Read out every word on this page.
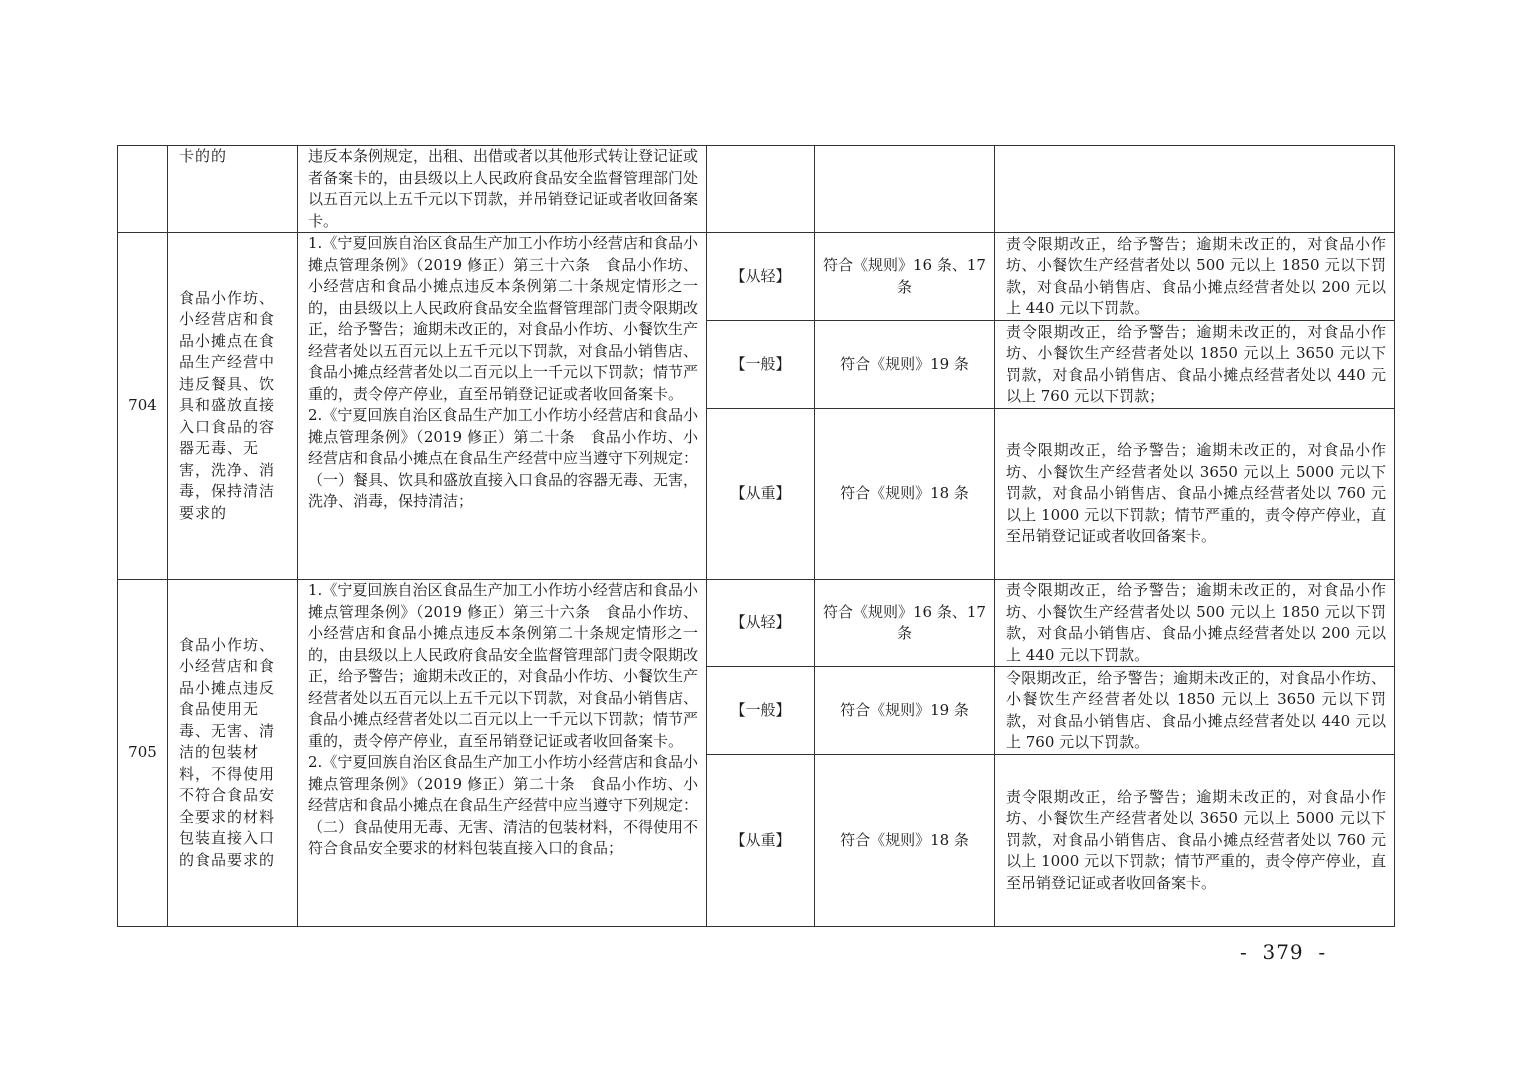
	卡的的	违反本条例规定，出租、出借或者以其他形式转让登记证或者备案卡的，由县级以上人民政府食品安全监督管理部门处以五百元以上五千元以下罚款，并吊销登记证或者收回备案卡。			
704	食品小作坊、小经营店和食品小摊点在食品生产经营中违反餐具、饮具和盛放直接入口食品的容器无毒、无害，洗净、消毒，保持清洁要求的	1.《宁夏回族自治区食品生产加工小作坊小经营店和食品小摊点管理条例》（2019 修正）第三十六条　食品小作坊、小经营店和食品小摊点违反本条例第二十条规定情形之一的，由县级以上人民政府食品安全监督管理部门责令限期改正，给予警告；逾期未改正的，对食品小作坊、小餐饮生产经营者处以五百元以上五千元以下罚款，对食品小销售店、食品小摊点经营者处以二百元以上一千元以下罚款；情节严重的，责令停产停业，直至吊销登记证或者收回备案卡。
2.《宁夏回族自治区食品生产加工小作坊小经营店和食品小摊点管理条例》（2019 修正）第二十条　食品小作坊、小经营店和食品小摊点在食品生产经营中应当遵守下列规定：（一）餐具、饮具和盛放直接入口食品的容器无毒、无害，洗净、消毒，保持清洁；	【从轻】	符合《规则》16 条、17 条	责令限期改正，给予警告；逾期未改正的，对食品小作坊、小餐饮生产经营者处以 500 元以上 1850 元以下罚款，对食品小销售店、食品小摊点经营者处以 200 元以上 440 元以下罚款。
			【一般】	符合《规则》19 条	责令限期改正，给予警告；逾期未改正的，对食品小作坊、小餐饮生产经营者处以 1850 元以上 3650 元以下罚款，对食品小销售店、食品小摊点经营者处以 440 元以上 760 元以下罚款；
			【从重】	符合《规则》18 条	责令限期改正，给予警告；逾期未改正的，对食品小作坊、小餐饮生产经营者处以 3650 元以上 5000 元以下罚款，对食品小销售店、食品小摊点经营者处以 760 元以上 1000 元以下罚款；情节严重的，责令停产停业，直至吊销登记证或者收回备案卡。
705	食品小作坊、小经营店和食品小摊点违反食品使用无毒、无害、清洁的包装材料，不得使用不符合食品安全要求的材料包装直接入口的食品要求的	1.《宁夏回族自治区食品生产加工小作坊小经营店和食品小摊点管理条例》（2019 修正）第三十六条　食品小作坊、小经营店和食品小摊点违反本条例第二十条规定情形之一的，由县级以上人民政府食品安全监督管理部门责令限期改正，给予警告；逾期未改正的，对食品小作坊、小餐饮生产经营者处以五百元以上五千元以下罚款，对食品小销售店、食品小摊点经营者处以二百元以上一千元以下罚款；情节严重的，责令停产停业，直至吊销登记证或者收回备案卡。
2.《宁夏回族自治区食品生产加工小作坊小经营店和食品小摊点管理条例》（2019 修正）第二十条　食品小作坊、小经营店和食品小摊点在食品生产经营中应当遵守下列规定：（二）食品使用无毒、无害、清洁的包装材料，不得使用不符合食品安全要求的材料包装直接入口的食品；	【从轻】	符合《规则》16 条、17 条	责令限期改正，给予警告；逾期未改正的，对食品小作坊、小餐饮生产经营者处以 500 元以上 1850 元以下罚款，对食品小销售店、食品小摊点经营者处以 200 元以上 440 元以下罚款。
			【一般】	符合《规则》19 条	令限期改正，给予警告；逾期未改正的，对食品小作坊、小餐饮生产经营者处以 1850 元以上 3650 元以下罚款，对食品小销售店、食品小摊点经营者处以 440 元以上 760 元以下罚款。
			【从重】	符合《规则》18 条	责令限期改正，给予警告；逾期未改正的，对食品小作坊、小餐饮生产经营者处以 3650 元以上 5000 元以下罚款，对食品小销售店、食品小摊点经营者处以 760 元以上 1000 元以下罚款；情节严重的，责令停产停业，直至吊销登记证或者收回备案卡。
-  379  -
